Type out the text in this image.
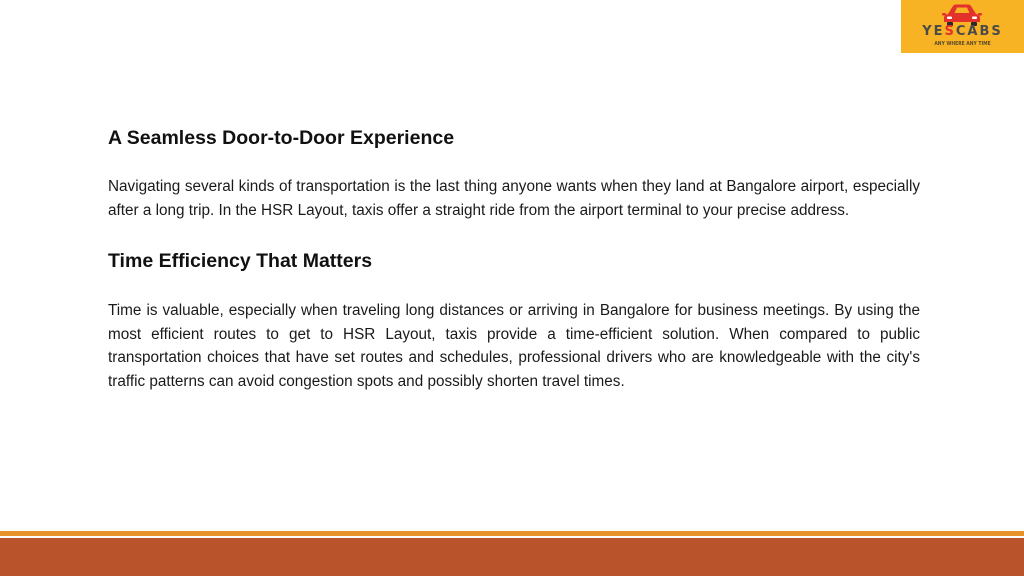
YESCABS
ANY WHERE ANY TIME
A Seamless Door-to-Door Experience

Navigating several kinds of transportation is the last thing anyone wants when they land at Bangalore airport, especially after a long trip. In the HSR Layout, taxis offer a straight ride from the airport terminal to your precise address.

Time Efficiency That Matters

Time is valuable, especially when traveling long distances or arriving in Bangalore for business meetings. By using the most efficient routes to get to HSR Layout, taxis provide a time-efficient solution. When compared to public transportation choices that have set routes and schedules, professional drivers who are knowledgeable with the city's traffic patterns can avoid congestion spots and possibly shorten travel times.
